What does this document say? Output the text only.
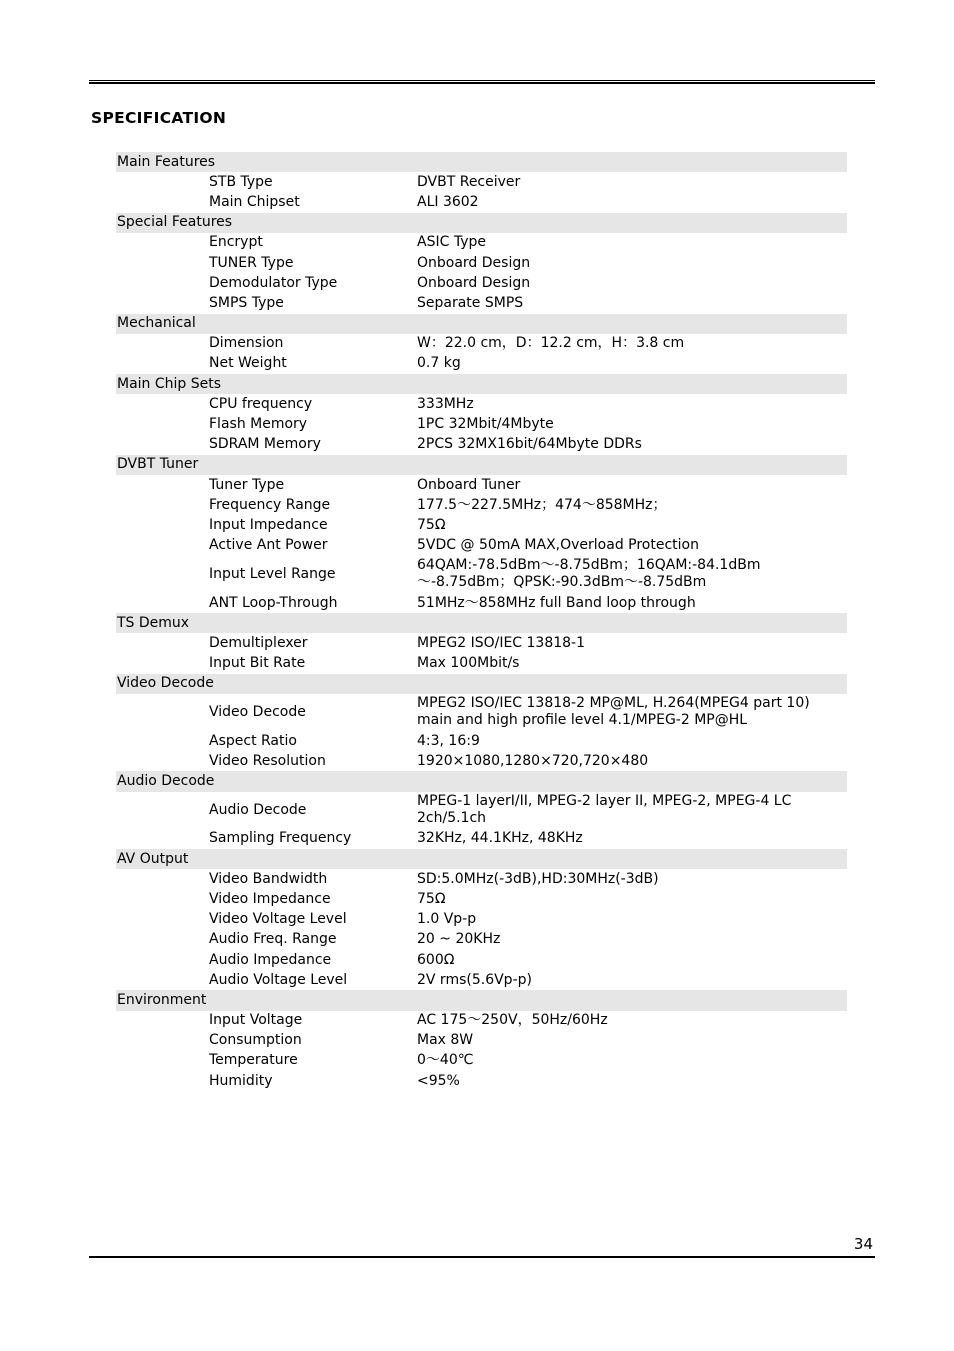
SPECIFICATION
Main Features	
STB Type	DVBT Receiver
Main Chipset	ALI 3602
Special Features	
Encrypt	ASIC Type
TUNER Type	Onboard Design
Demodulator Type	Onboard Design
SMPS Type	Separate SMPS
Mechanical	
Dimension	W：22.0 cm，D：12.2 cm，H：3.8 cm
Net Weight	0.7 kg
Main Chip Sets	
CPU frequency	333MHz
Flash Memory	1PC 32Mbit/4Mbyte
SDRAM Memory	2PCS 32MX16bit/64Mbyte DDRs
DVBT Tuner	
Tuner Type	Onboard Tuner
Frequency Range	177.5～227.5MHz；474～858MHz；
Input Impedance	75Ω
Active Ant Power	5VDC @ 50mA MAX,Overload Protection
Input Level Range	64QAM:-78.5dBm～-8.75dBm；16QAM:-84.1dBm～-8.75dBm；QPSK:-90.3dBm～-8.75dBm
ANT Loop-Through	51MHz～858MHz full Band loop through
TS Demux	
Demultiplexer	MPEG2 ISO/IEC 13818-1
Input Bit Rate	Max 100Mbit/s
Video Decode	
Video Decode	MPEG2 ISO/IEC 13818-2 MP@ML, H.264(MPEG4 part 10) main and high profile level 4.1/MPEG-2 MP@HL
Aspect Ratio	4:3, 16:9
Video Resolution	1920×1080,1280×720,720×480
Audio Decode	
Audio Decode	MPEG-1 layerI/II, MPEG-2 layer II, MPEG-2, MPEG-4 LC 2ch/5.1ch
Sampling Frequency	32KHz, 44.1KHz, 48KHz
AV Output	
Video Bandwidth	SD:5.0MHz(-3dB),HD:30MHz(-3dB)
Video Impedance	75Ω
Video Voltage Level	1.0 Vp-p
Audio Freq. Range	20 ~ 20KHz
Audio Impedance	600Ω
Audio Voltage Level	2V rms(5.6Vp-p)
Environment	
Input Voltage	AC 175～250V，50Hz/60Hz
Consumption	Max 8W
Temperature	0～40℃
Humidity	<95%
34
